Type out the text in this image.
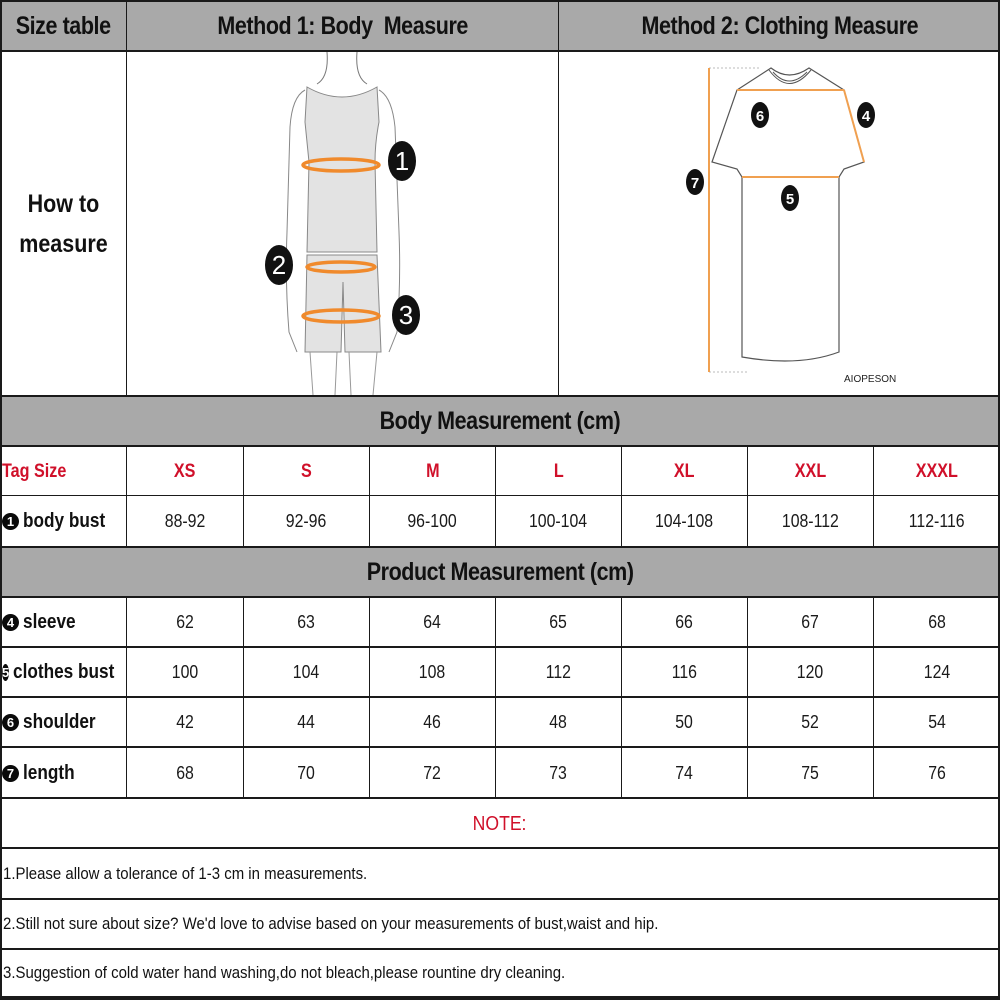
Size table	Method 1: Body  Measure	Method 2: Clothing Measure
How to
measure
1
2
3
6	4
7
5
AIOPESON
Body Measurement (cm)
Tag Size	XS	S	M	L	XL	XXL	XXXL
1 body bust	88-92	92-96	96-100	100-104	104-108	108-112	112-116
Product Measurement (cm)
4 sleeve	62	63	64	65	66	67	68
5 clothes bust	100	104	108	112	116	120	124
6 shoulder	42	44	46	48	50	52	54
7 length	68	70	72	73	74	75	76
NOTE:
1.Please allow a tolerance of 1-3 cm in measurements.
2.Still not sure about size? We'd love to advise based on your measurements of bust,waist and hip.
3.Suggestion of cold water hand washing,do not bleach,please rountine dry cleaning.
